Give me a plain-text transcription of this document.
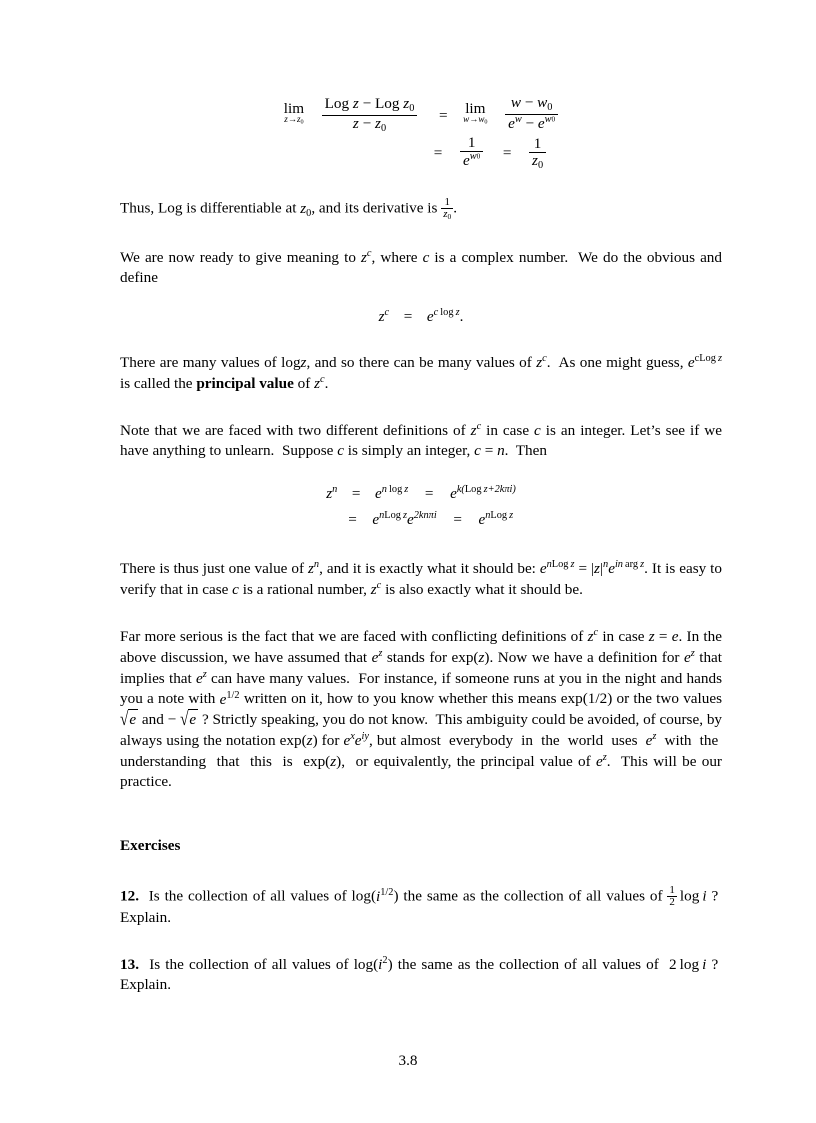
lim
$z\to z_0$
$\frac{Log z - Log z_0}{z - z_0} = \lim$
$w\to w_0$
$\frac{w - w_0}{e^w - e^{w0}}$
= $\frac{1}{e^{w0}} = \frac{1}{z_0}$

Thus, Log is differentiable at $z_0$, and its derivative is $\frac{1}{z_0}$ .

We are now ready to give meaning to $z^c$, where c is a complex number.  We do the obvious and define

$z^c = e^c$ $^{log z}$.

There are many values of logz, and so there can be many values of $z^c$.  As one might guess, $e^{cLog z}$ is called the principal value of $z^c$.

Note that we are faced with two different definitions of $z^c$ in case c is an integer. Let’s see if we have anything to unlearn.  Suppose c is simply an integer, c = n.  Then

$z^n = e^{n log z} = e^{k(Log z+2k\pi i)}$
= $e^{nLog z}e^{2kn\pi i} = e^{nLog z}$

There is thus just one value of $z^n$, and it is exactly what it should be: $e^{nLog z} = |z|^ne^{in arg z}$. It is easy to verify that in case c is a rational number, $z^c$ is also exactly what it should be.

Far more serious is the fact that we are faced with conflicting definitions of $z^c$ in case z = e. In the above discussion, we have assumed that $e^z$ stands for exp(z). Now we have a definition for $e^z$ that implies that $e^z$ can have many values.  For instance, if someone runs at you in the night and hands you a note with $e^{1/2}$ written on it, how to you know whether this means exp(1/2) or the two values √e and − √e ? Strictly speaking, you do not know.  This ambiguity could be avoided, of course, by always using the notation exp(z) for $e^xe^{iy}$, but almost  everybody  in  the  world  uses  $e^z$  with  the  understanding  that  this  is  exp(z),  or equivalently, the principal value of $e^z$.  This will be our practice.

Exercises

12.  Is the collection of all values of $\log(i^{1/2})$ the same as the collection of all values of $\frac{1}{2}$  log i ?  Explain.

13.  Is the collection of all values of $\log(i^2)$ the same as the collection of all values of  2 log i ?  Explain.

3.8
